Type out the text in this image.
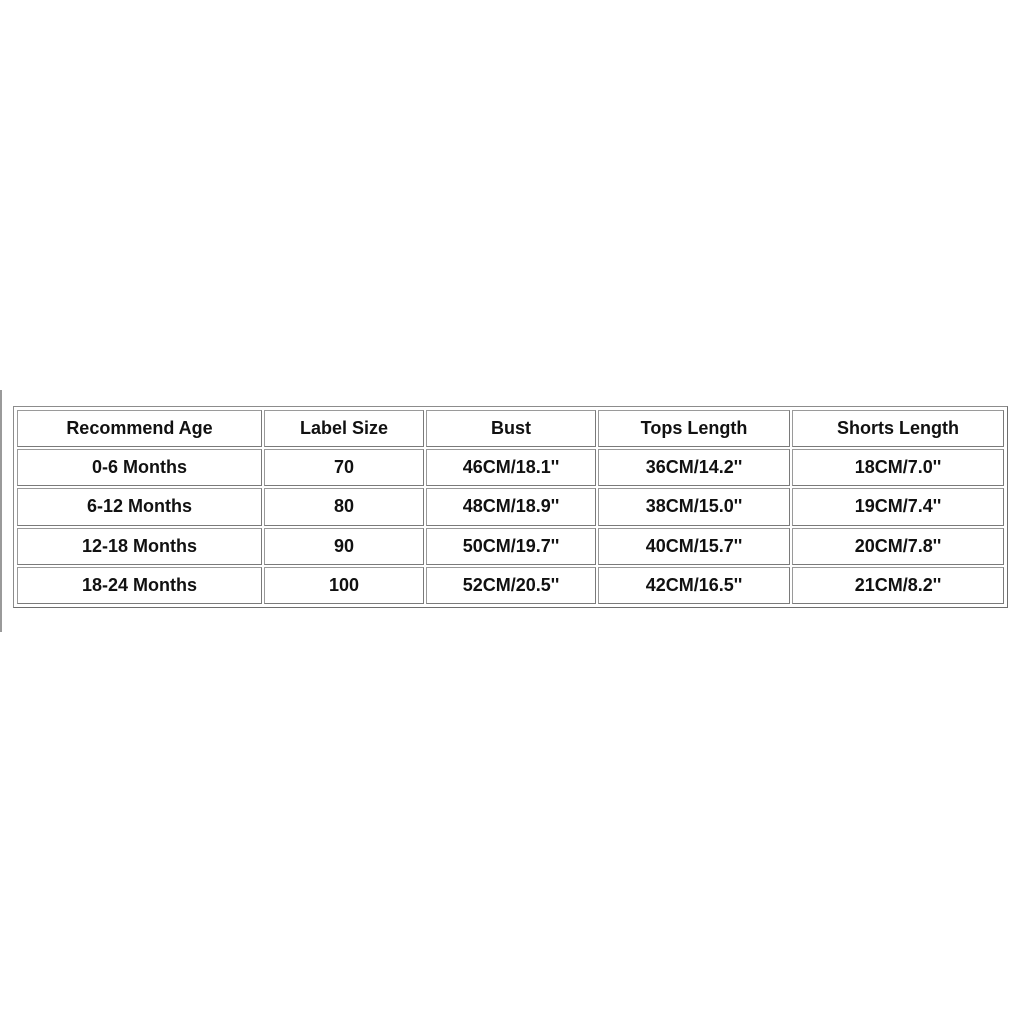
Recommend Age	Label Size	Bust	Tops Length	Shorts Length
0-6 Months	70	46CM/18.1''	36CM/14.2''	18CM/7.0''
6-12 Months	80	48CM/18.9''	38CM/15.0''	19CM/7.4''
12-18 Months	90	50CM/19.7''	40CM/15.7''	20CM/7.8''
18-24 Months	100	52CM/20.5''	42CM/16.5''	21CM/8.2''
